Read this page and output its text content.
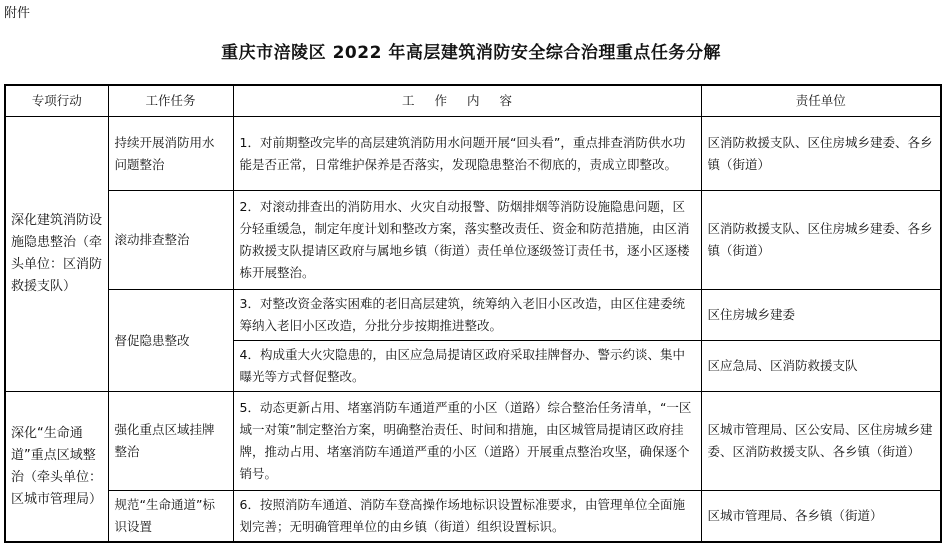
附件
重庆市涪陵区 2022 年高层建筑消防安全综合治理重点任务分解
专项行动	工作任务	工作内容	责任单位
深化建筑消防设施隐患整治（牵头单位：区消防救援支队）	持续开展消防用水问题整治	1．对前期整改完毕的高层建筑消防用水问题开展“回头看”，重点排查消防供水功能是否正常，日常维护保养是否落实，发现隐患整治不彻底的，责成立即整改。	区消防救援支队、区住房城乡建委、各乡镇（街道）
	滚动排查整治	2．对滚动排查出的消防用水、火灾自动报警、防烟排烟等消防设施隐患问题，区分轻重缓急，制定年度计划和整改方案，落实整改责任、资金和防范措施，由区消防救援支队提请区政府与属地乡镇（街道）责任单位逐级签订责任书，逐小区逐楼栋开展整治。	区消防救援支队、区住房城乡建委、各乡镇（街道）
	督促隐患整改	3．对整改资金落实困难的老旧高层建筑，统筹纳入老旧小区改造，由区住建委统筹纳入老旧小区改造，分批分步按期推进整改。	区住房城乡建委
		4．构成重大火灾隐患的，由区应急局提请区政府采取挂牌督办、警示约谈、集中曝光等方式督促整改。	区应急局、区消防救援支队
深化“生命通道”重点区域整治（牵头单位：区城市管理局）	强化重点区域挂牌整治	5．动态更新占用、堵塞消防车通道严重的小区（道路）综合整治任务清单，“一区域一对策”制定整治方案，明确整治责任、时间和措施，由区城管局提请区政府挂牌，推动占用、堵塞消防车通道严重的小区（道路）开展重点整治攻坚，确保逐个销号。	区城市管理局、区公安局、区住房城乡建委、区消防救援支队、各乡镇（街道）
	规范“生命通道”标识设置	6．按照消防车通道、消防车登高操作场地标识设置标准要求，由管理单位全面施划完善；无明确管理单位的由乡镇（街道）组织设置标识。	区城市管理局、各乡镇（街道）
